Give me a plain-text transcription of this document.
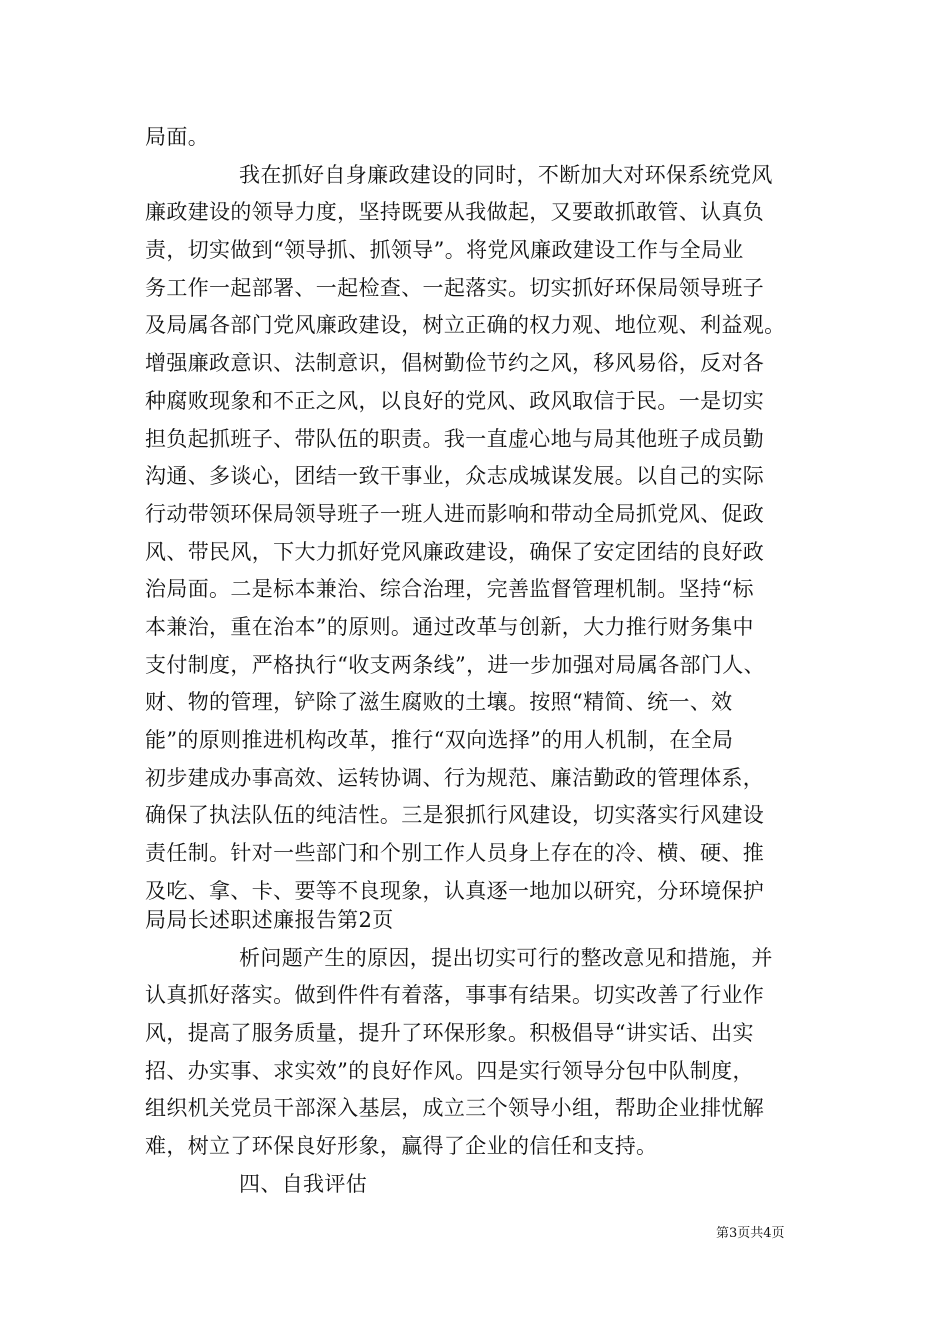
局面。
我在抓好自身廉政建设的同时，不断加大对环保系统党风
廉政建设的领导力度，坚持既要从我做起，又要敢抓敢管、认真负
责，切实做到“领导抓、抓领导”。将党风廉政建设工作与全局业
务工作一起部署、一起检查、一起落实。切实抓好环保局领导班子
及局属各部门党风廉政建设，树立正确的权力观、地位观、利益观。
增强廉政意识、法制意识，倡树勤俭节约之风，移风易俗，反对各
种腐败现象和不正之风，以良好的党风、政风取信于民。一是切实
担负起抓班子、带队伍的职责。我一直虚心地与局其他班子成员勤
沟通、多谈心，团结一致干事业，众志成城谋发展。以自己的实际
行动带领环保局领导班子一班人进而影响和带动全局抓党风、促政
风、带民风，下大力抓好党风廉政建设，确保了安定团结的良好政
治局面。二是标本兼治、综合治理，完善监督管理机制。坚持“标
本兼治，重在治本”的原则。通过改革与创新，大力推行财务集中
支付制度，严格执行“收支两条线”，进一步加强对局属各部门人、
财、物的管理，铲除了滋生腐败的土壤。按照“精简、统一、效
能”的原则推进机构改革，推行“双向选择”的用人机制，在全局
初步建成办事高效、运转协调、行为规范、廉洁勤政的管理体系，
确保了执法队伍的纯洁性。三是狠抓行风建设，切实落实行风建设
责任制。针对一些部门和个别工作人员身上存在的冷、横、硬、推
及吃、拿、卡、要等不良现象，认真逐一地加以研究，分环境保护
局局长述职述廉报告第2页
析问题产生的原因，提出切实可行的整改意见和措施，并
认真抓好落实。做到件件有着落，事事有结果。切实改善了行业作
风，提高了服务质量，提升了环保形象。积极倡导“讲实话、出实
招、办实事、求实效”的良好作风。四是实行领导分包中队制度，
组织机关党员干部深入基层，成立三个领导小组，帮助企业排忧解
难，树立了环保良好形象，赢得了企业的信任和支持。
四、自我评估
第3页共4页
